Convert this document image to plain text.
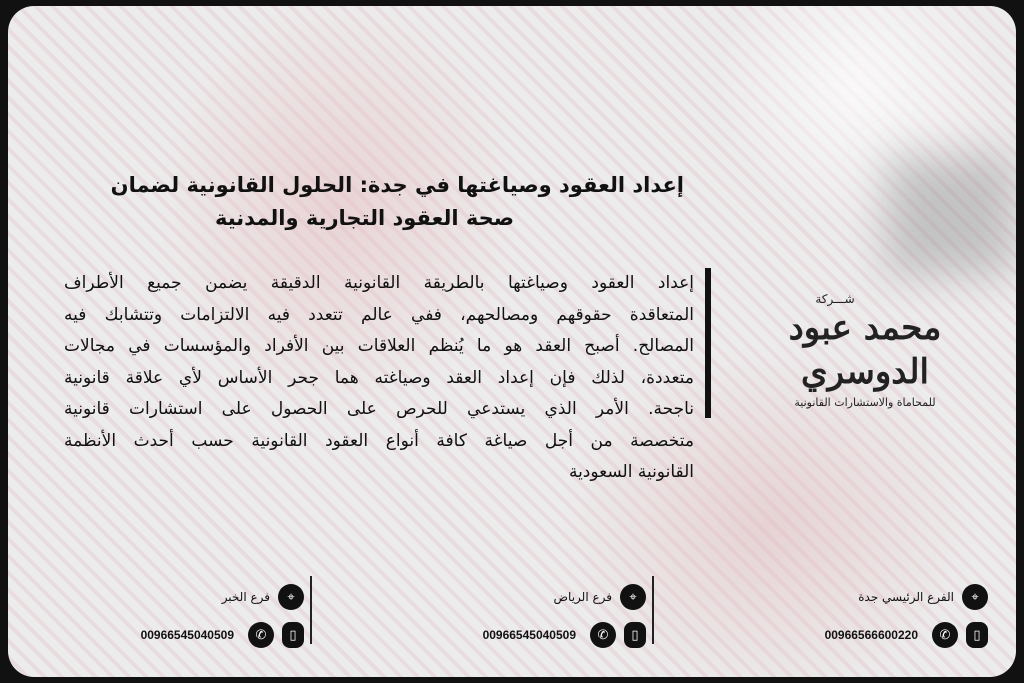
إعداد العقود وصياغتها في جدة: الحلول القانونية لضمان
صحة العقود التجارية والمدنية
إعداد العقود وصياغتها بالطريقة القانونية الدقيقة يضمن جميع الأطراف
المتعاقدة حقوقهم ومصالحهم، ففي عالم تتعدد فيه الالتزامات وتتشابك فيه
المصالح. أصبح العقد هو ما يُنظم العلاقات بين الأفراد والمؤسسات في مجالات
متعددة، لذلك فإن إعداد العقد وصياغته هما جحر الأساس لأي علاقة قانونية
ناجحة. الأمر الذي يستدعي للحرص على الحصول على استشارات قانونية
متخصصة من أجل صياغة كافة أنواع العقود القانونية حسب أحدث الأنظمة
القانونية السعودية
شـــركة
محمد عبود الدوسري
للمحاماة والاستشارات القانونية
⌖
الفرع الرئيسي جدة
▯
✆
00966566600220
⌖
فرع الرياض
▯
✆
00966545040509
⌖
فرع الخبر
▯
✆
00966545040509
